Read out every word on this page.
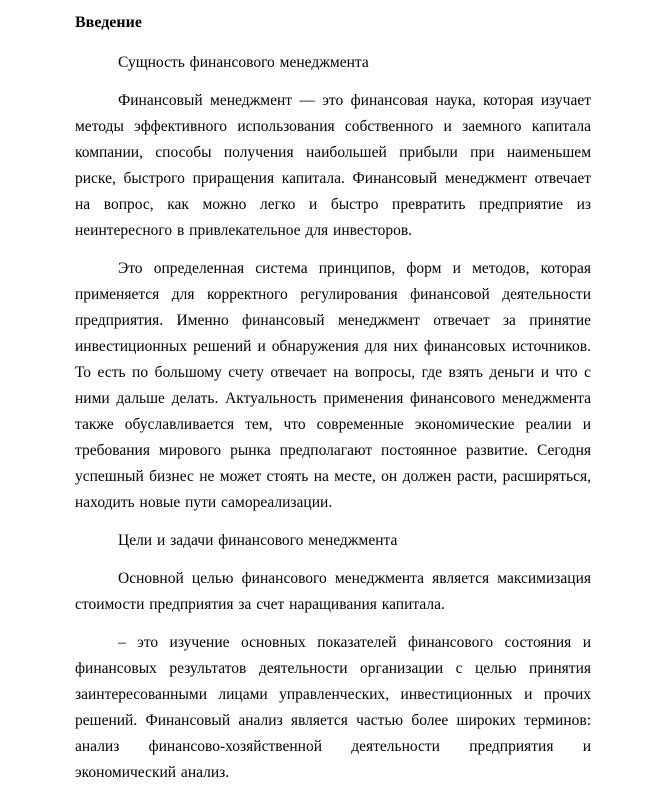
Введение

Сущность финансового менеджмента

Финансовый менеджмент — это финансовая наука, которая изучает методы эффективного использования собственного и заемного капитала компании, способы получения наибольшей прибыли при наименьшем риске, быстрого приращения капитала. Финансовый менеджмент отвечает на вопрос, как можно легко и быстро превратить предприятие из неинтересного в привлекательное для инвесторов.

Это определенная система принципов, форм и методов, которая применяется для корректного регулирования финансовой деятельности предприятия. Именно финансовый менеджмент отвечает за принятие инвестиционных решений и обнаружения для них финансовых источников. То есть по большому счету отвечает на вопросы, где взять деньги и что с ними дальше делать. Актуальность применения финансового менеджмента также обуславливается тем, что современные экономические реалии и требования мирового рынка предполагают постоянное развитие. Сегодня успешный бизнес не может стоять на месте, он должен расти, расширяться, находить новые пути самореализации.

Цели и задачи финансового менеджмента

Основной целью финансового менеджмента является максимизация стоимости предприятия за счет наращивания капитала.

– это изучение основных показателей финансового состояния и финансовых результатов деятельности организации с целью принятия заинтересованными лицами управленческих, инвестиционных и прочих решений. Финансовый анализ является частью более широких терминов: анализ финансово-хозяйственной деятельности предприятия и экономический анализ.
